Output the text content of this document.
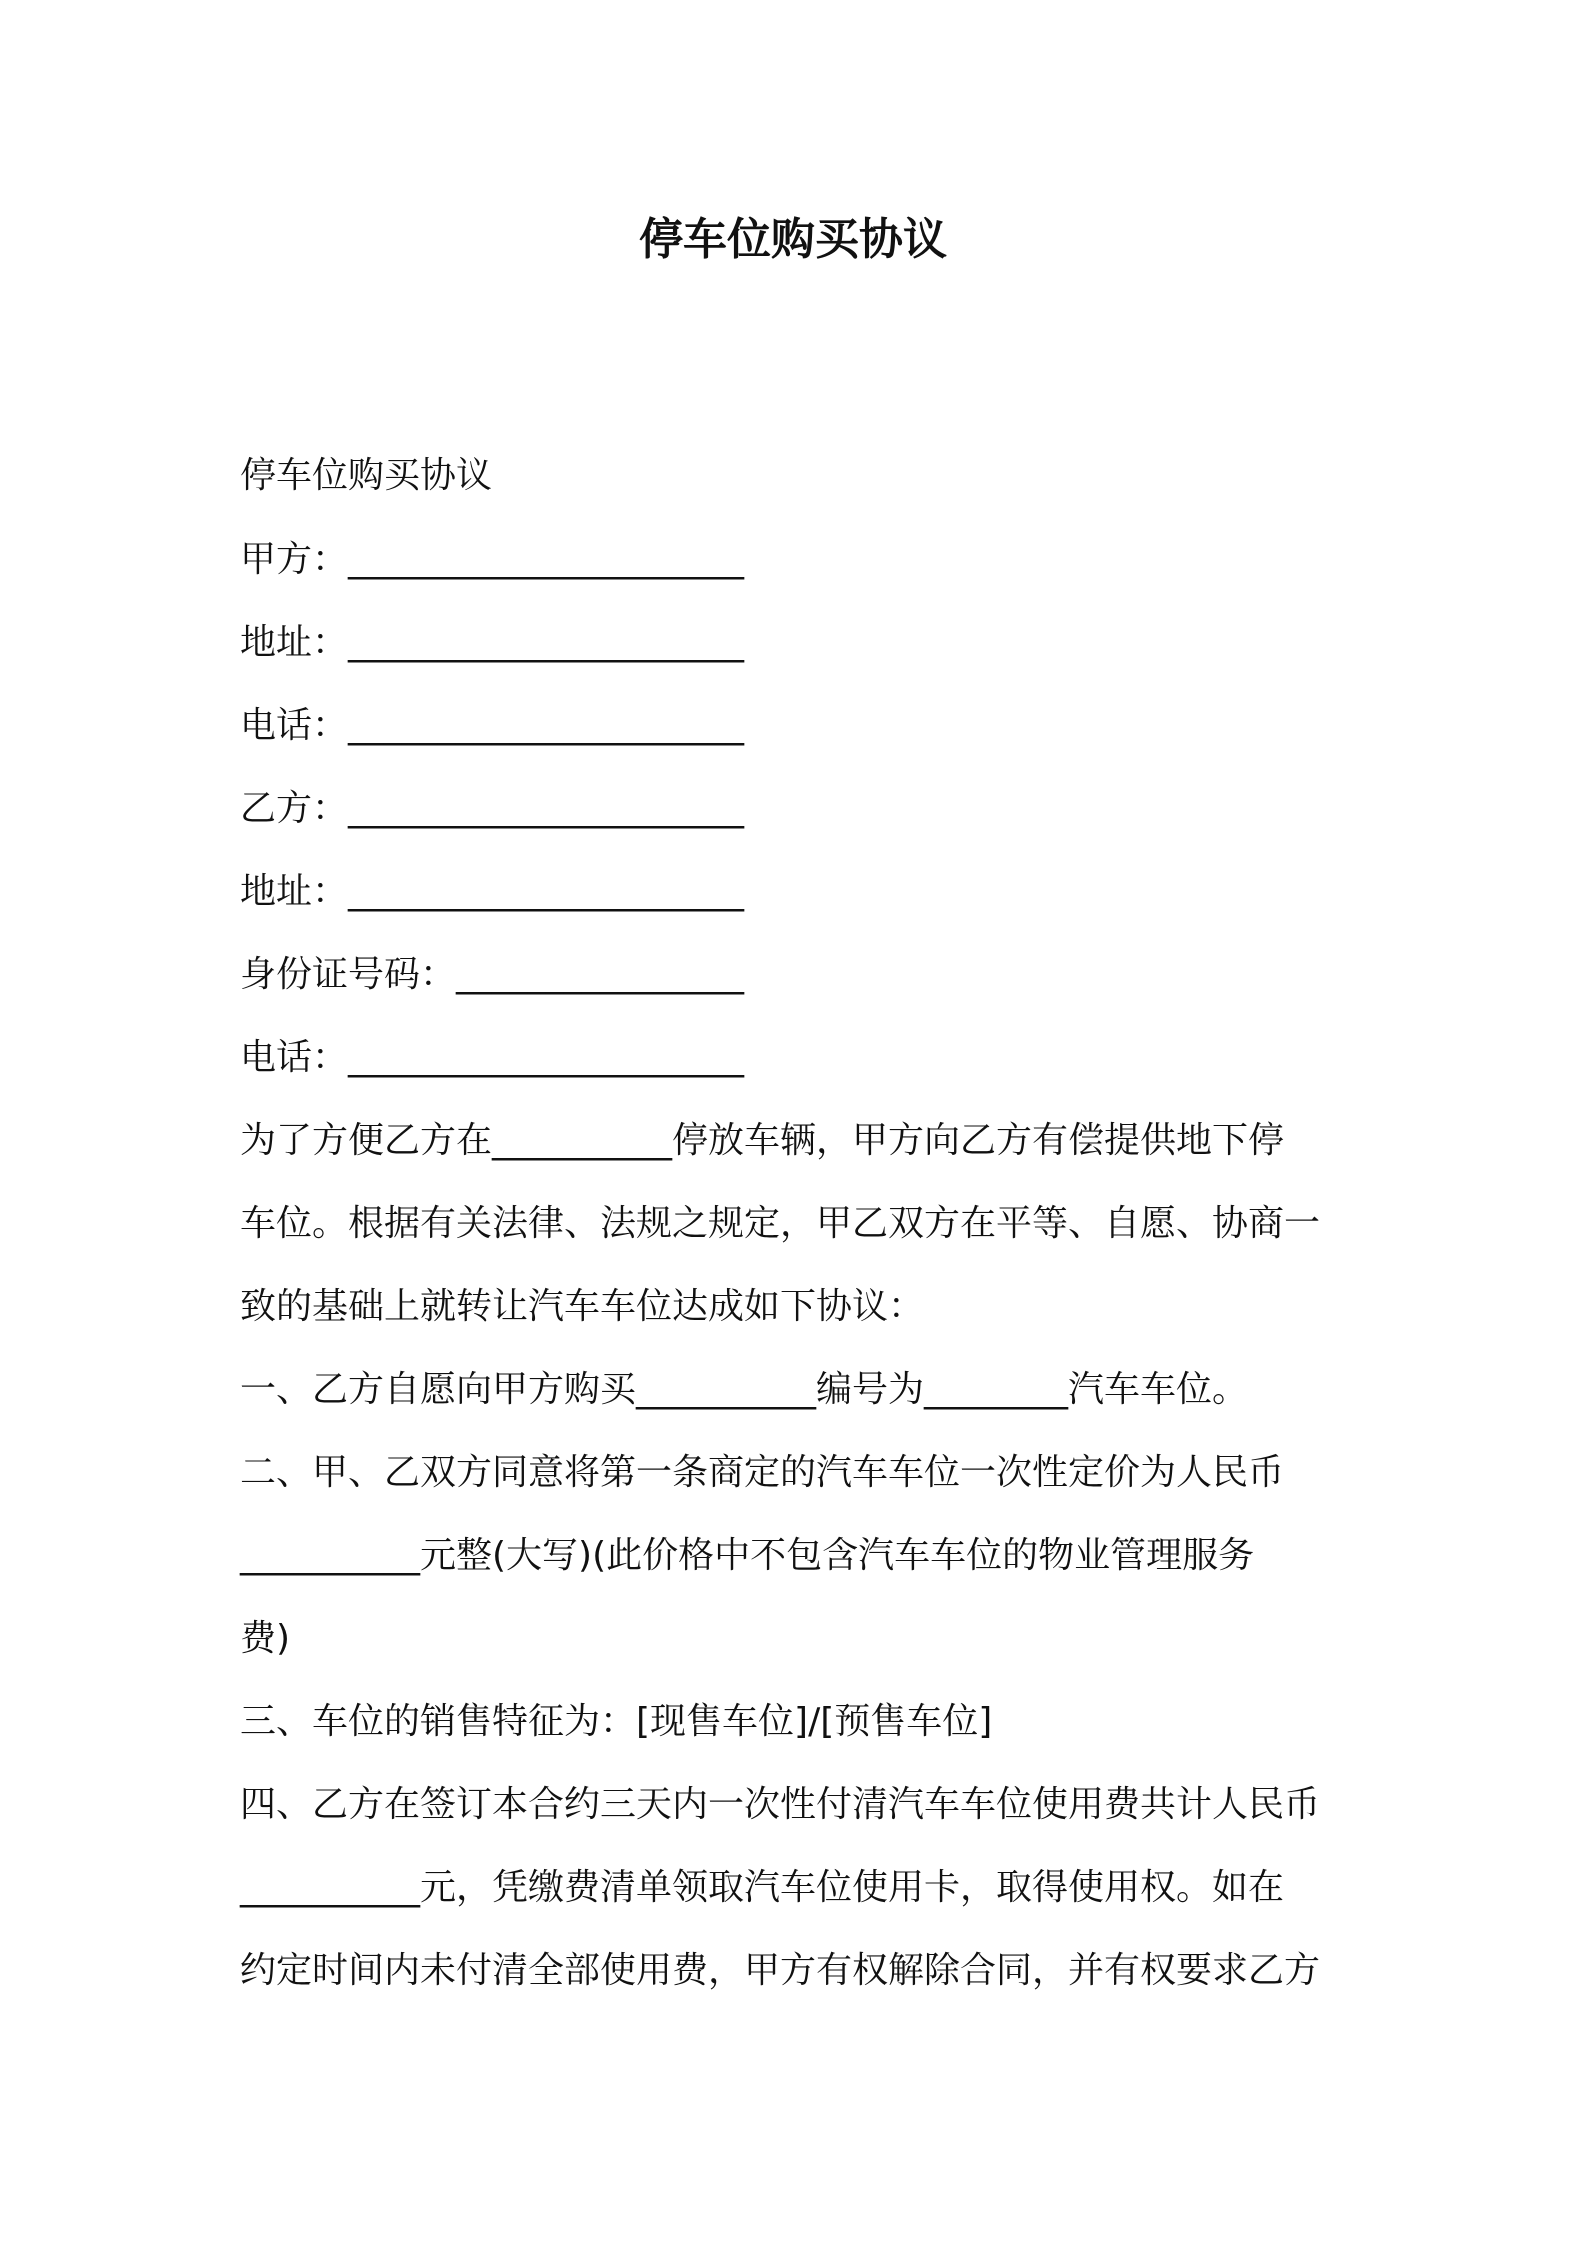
停车位购买协议
停车位购买协议
甲方：______________________
地址：______________________
电话：______________________
乙方：______________________
地址：______________________
身份证号码：________________
电话：______________________
为了方便乙方在__________停放车辆，甲方向乙方有偿提供地下停
车位。根据有关法律、法规之规定，甲乙双方在平等、自愿、协商一
致的基础上就转让汽车车位达成如下协议：
一、乙方自愿向甲方购买__________编号为________汽车车位。
二、甲、乙双方同意将第一条商定的汽车车位一次性定价为人民币
__________元整(大写)(此价格中不包含汽车车位的物业管理服务
费)
三、车位的销售特征为：[现售车位]/[预售车位]
四、乙方在签订本合约三天内一次性付清汽车车位使用费共计人民币
__________元，凭缴费清单领取汽车位使用卡，取得使用权。如在
约定时间内未付清全部使用费，甲方有权解除合同，并有权要求乙方
